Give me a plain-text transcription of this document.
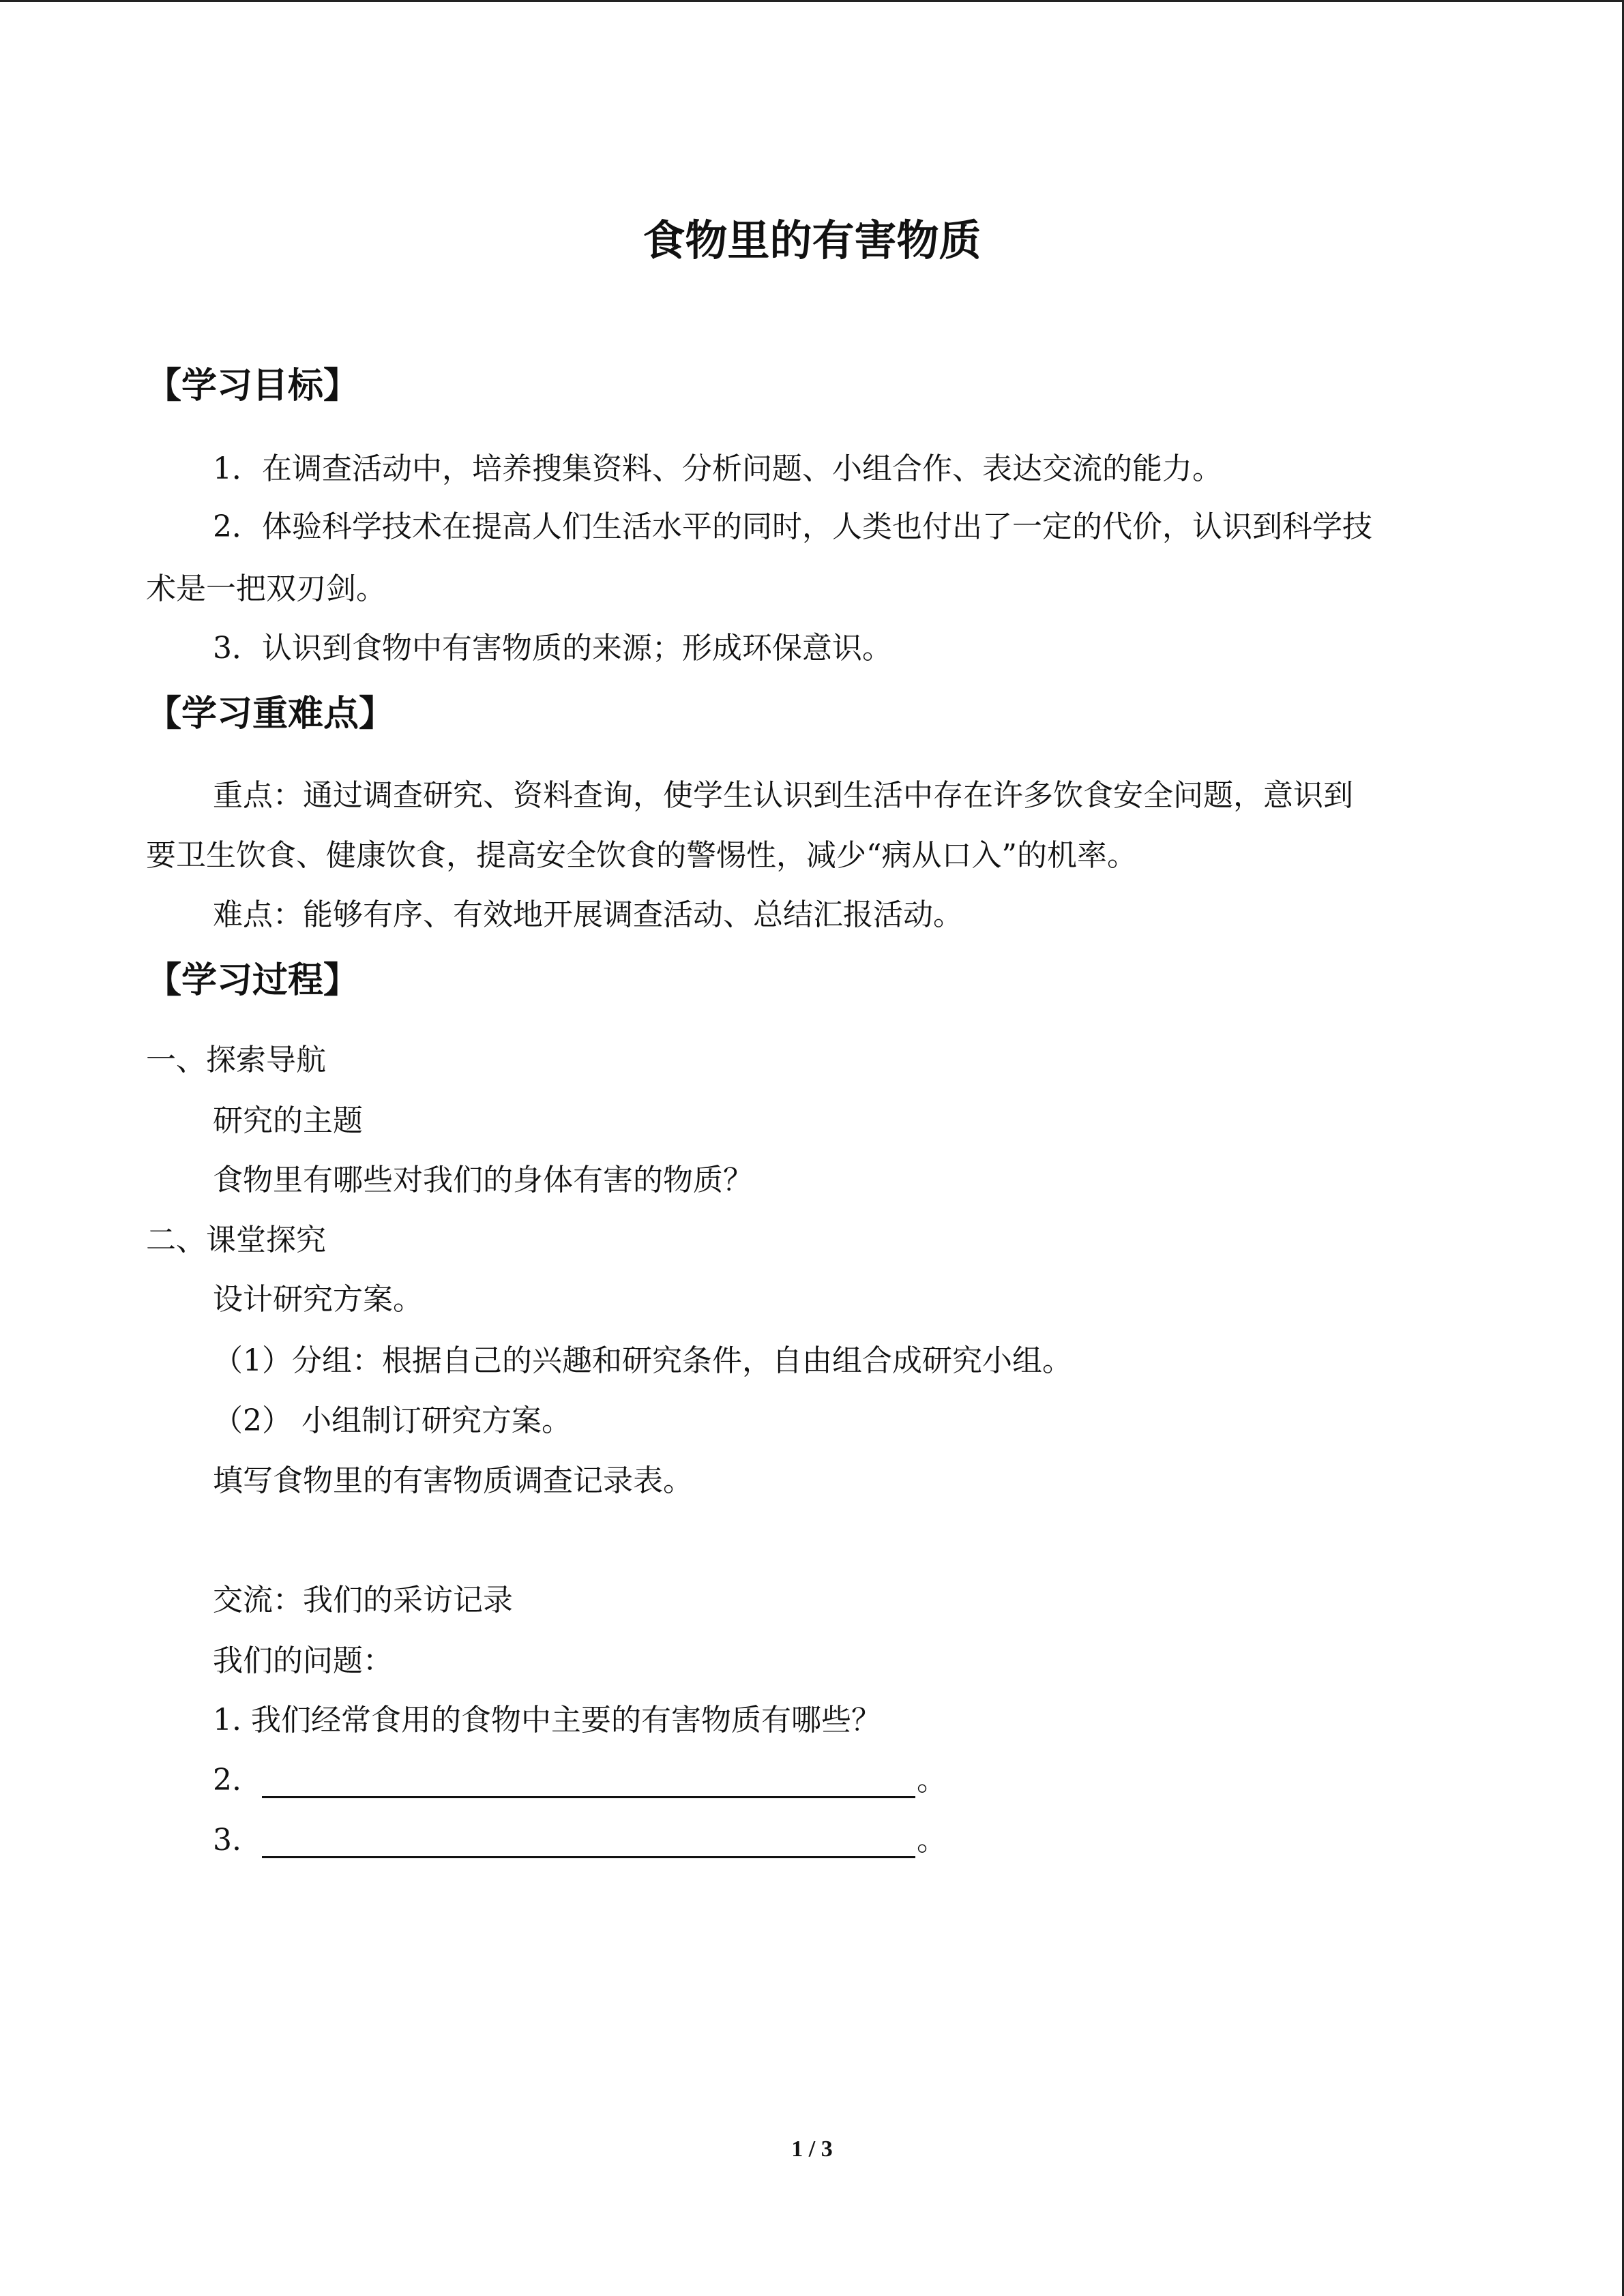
食物里的有害物质
【学习目标】
1．在调查活动中，培养搜集资料、分析问题、小组合作、表达交流的能力。
2．体验科学技术在提高人们生活水平的同时，人类也付出了一定的代价，认识到科学技
术是一把双刃剑。
3．认识到食物中有害物质的来源；形成环保意识。
【学习重难点】
重点：通过调查研究、资料查询，使学生认识到生活中存在许多饮食安全问题，意识到
要卫生饮食、健康饮食，提高安全饮食的警惕性，减少“病从口入”的机率。
难点：能够有序、有效地开展调查活动、总结汇报活动。
【学习过程】
一、探索导航
研究的主题
食物里有哪些对我们的身体有害的物质？
二、课堂探究
设计研究方案。
（1）分组：根据自己的兴趣和研究条件，自由组合成研究小组。
（2） 小组制订研究方案。
填写食物里的有害物质调查记录表。
交流：我们的采访记录
我们的问题：
1. 我们经常食用的食物中主要的有害物质有哪些？
2.	。
3.	。
1 / 3
